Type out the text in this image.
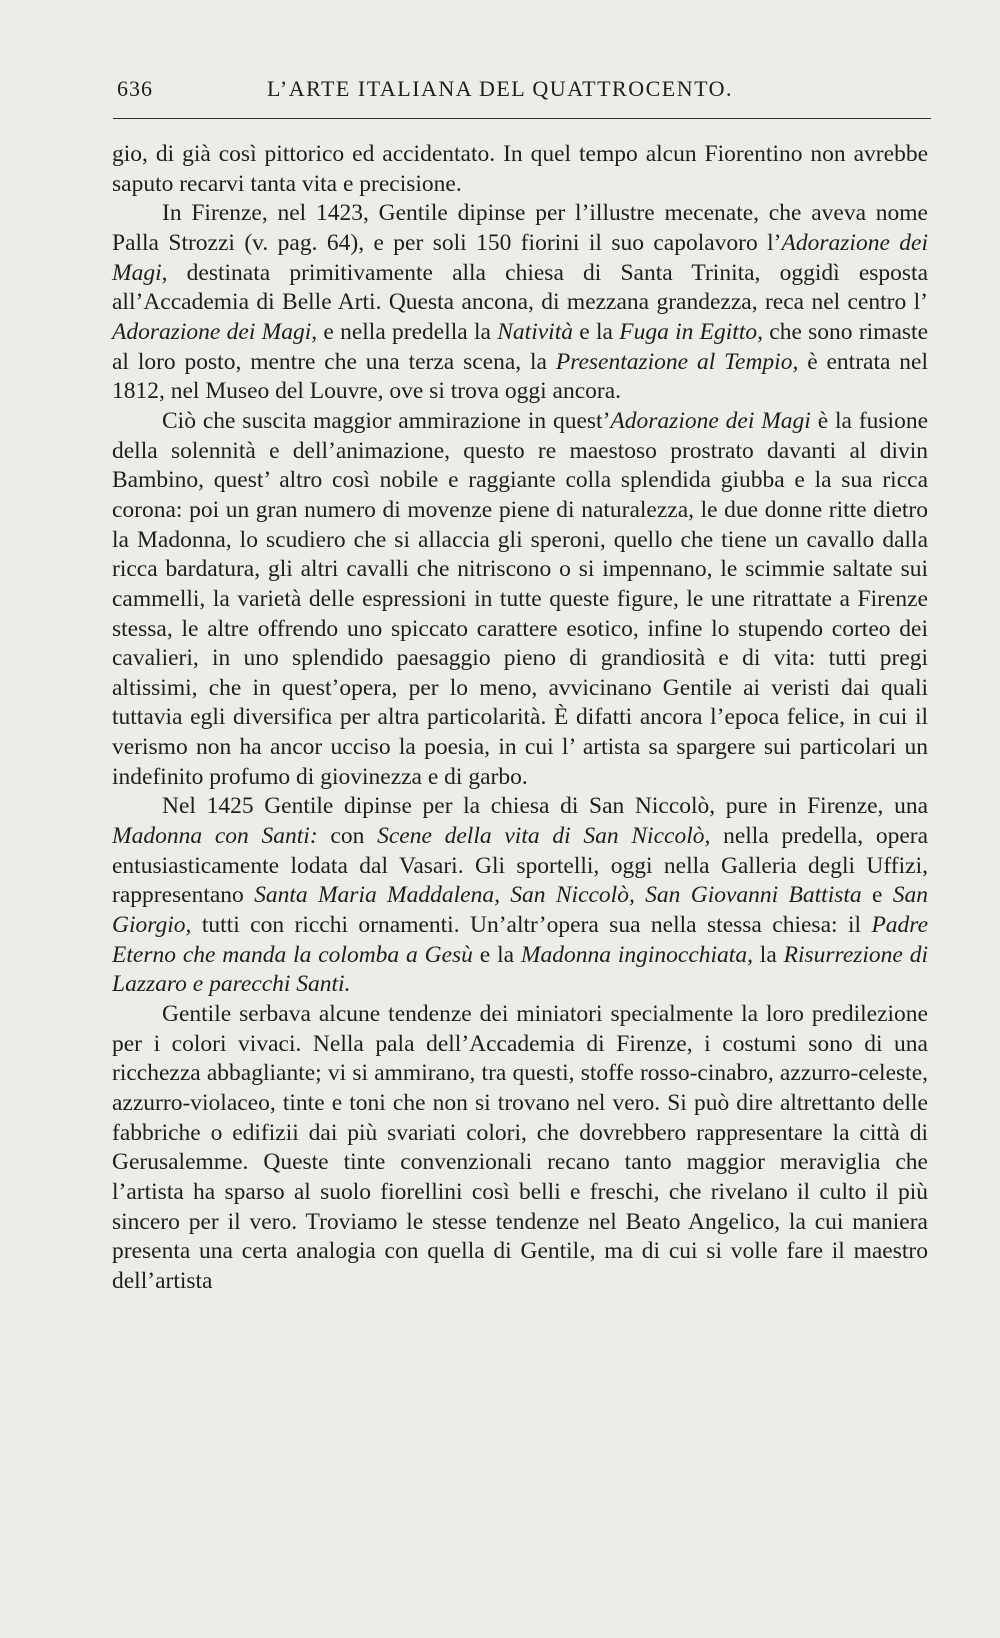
636	L’ARTE ITALIANA DEL QUATTROCENTO.

gio, di già così pittorico ed accidentato. In quel tempo alcun Fiorentino non avrebbe saputo recarvi tanta vita e precisione.

In Firenze, nel 1423, Gentile dipinse per l’illustre mecenate, che aveva nome Palla Strozzi (v. pag. 64), e per soli 150 fiorini il suo capolavoro l’Adorazione dei Magi, destinata primitivamente alla chiesa di Santa Trinita, oggidì esposta all’Accademia di Belle Arti. Questa ancona, di mezzana grandezza, reca nel centro l’ Adorazione dei Magi, e nella predella la Natività e la Fuga in Egitto, che sono rimaste al loro posto, mentre che una terza scena, la Presentazione al Tempio, è entrata nel 1812, nel Museo del Louvre, ove si trova oggi ancora.

Ciò che suscita maggior ammirazione in quest’Adorazione dei Magi è la fusione della solennità e dell’animazione, questo re maestoso prostrato davanti al divin Bambino, quest’ altro così nobile e raggiante colla splendida giubba e la sua ricca corona: poi un gran numero di movenze piene di naturalezza, le due donne ritte dietro la Madonna, lo scudiero che si allaccia gli speroni, quello che tiene un cavallo dalla ricca bardatura, gli altri cavalli che nitriscono o si impennano, le scimmie saltate sui cammelli, la varietà delle espressioni in tutte queste figure, le une ritrattate a Firenze stessa, le altre offrendo uno spiccato carattere esotico, infine lo stupendo corteo dei cavalieri, in uno splendido paesaggio pieno di grandiosità e di vita: tutti pregi altissimi, che in quest’opera, per lo meno, avvicinano Gentile ai veristi dai quali tuttavia egli diversifica per altra particolarità. È difatti ancora l’epoca felice, in cui il verismo non ha ancor ucciso la poesia, in cui l’ artista sa spargere sui particolari un indefinito profumo di giovinezza e di garbo.

Nel 1425 Gentile dipinse per la chiesa di San Niccolò, pure in Firenze, una Madonna con Santi: con Scene della vita di San Niccolò, nella predella, opera entusiasticamente lodata dal Vasari. Gli sportelli, oggi nella Galleria degli Uffizi, rappresentano Santa Maria Maddalena, San Niccolò, San Giovanni Battista e San Giorgio, tutti con ricchi ornamenti. Un’altr’opera sua nella stessa chiesa: il Padre Eterno che manda la colomba a Gesù e la Madonna inginocchiata, la Risurrezione di Lazzaro e parecchi Santi.

Gentile serbava alcune tendenze dei miniatori specialmente la loro predilezione per i colori vivaci. Nella pala dell’Accademia di Firenze, i costumi sono di una ricchezza abbagliante; vi si ammirano, tra questi, stoffe rosso-cinabro, azzurro-celeste, azzurro-violaceo, tinte e toni che non si trovano nel vero. Si può dire altrettanto delle fabbriche o edifizii dai più svariati colori, che dovrebbero rappresentare la città di Gerusalemme. Queste tinte convenzionali recano tanto maggior meraviglia che l’artista ha sparso al suolo fiorellini così belli e freschi, che rivelano il culto il più sincero per il vero. Troviamo le stesse tendenze nel Beato Angelico, la cui maniera presenta una certa analogia con quella di Gentile, ma di cui si volle fare il maestro dell’artista
